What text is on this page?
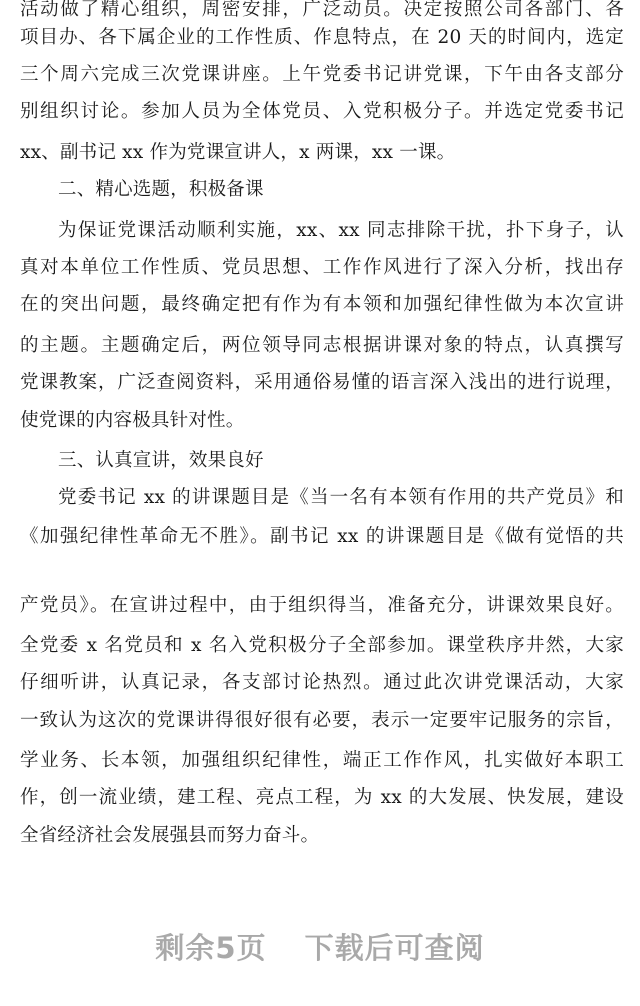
活动做了精心组织，周密安排，广泛动员。决定按照公司各部门、各
项目办、各下属企业的工作性质、作息特点，在 20 天的时间内，选定
三个周六完成三次党课讲座。上午党委书记讲党课，下午由各支部分
别组织讨论。参加人员为全体党员、入党积极分子。并选定党委书记
xx、副书记 xx 作为党课宣讲人，x 两课，xx 一课。
二、精心选题，积极备课
为保证党课活动顺利实施，xx、xx 同志排除干扰，扑下身子，认
真对本单位工作性质、党员思想、工作作风进行了深入分析，找出存
在的突出问题，最终确定把有作为有本领和加强纪律性做为本次宣讲
的主题。主题确定后，两位领导同志根据讲课对象的特点，认真撰写
党课教案，广泛查阅资料，采用通俗易懂的语言深入浅出的进行说理，
使党课的内容极具针对性。
三、认真宣讲，效果良好
党委书记 xx 的讲课题目是《当一名有本领有作用的共产党员》和
《加强纪律性革命无不胜》。副书记 xx 的讲课题目是《做有觉悟的共
产党员》。在宣讲过程中，由于组织得当，准备充分，讲课效果良好。
全党委 x 名党员和 x 名入党积极分子全部参加。课堂秩序井然，大家
仔细听讲，认真记录，各支部讨论热烈。通过此次讲党课活动，大家
一致认为这次的党课讲得很好很有必要，表示一定要牢记服务的宗旨，
学业务、长本领，加强组织纪律性，端正工作作风，扎实做好本职工
作，创一流业绩，建工程、亮点工程，为 xx 的大发展、快发展，建设
全省经济社会发展强县而努力奋斗。
剩余5页 下载后可查阅
